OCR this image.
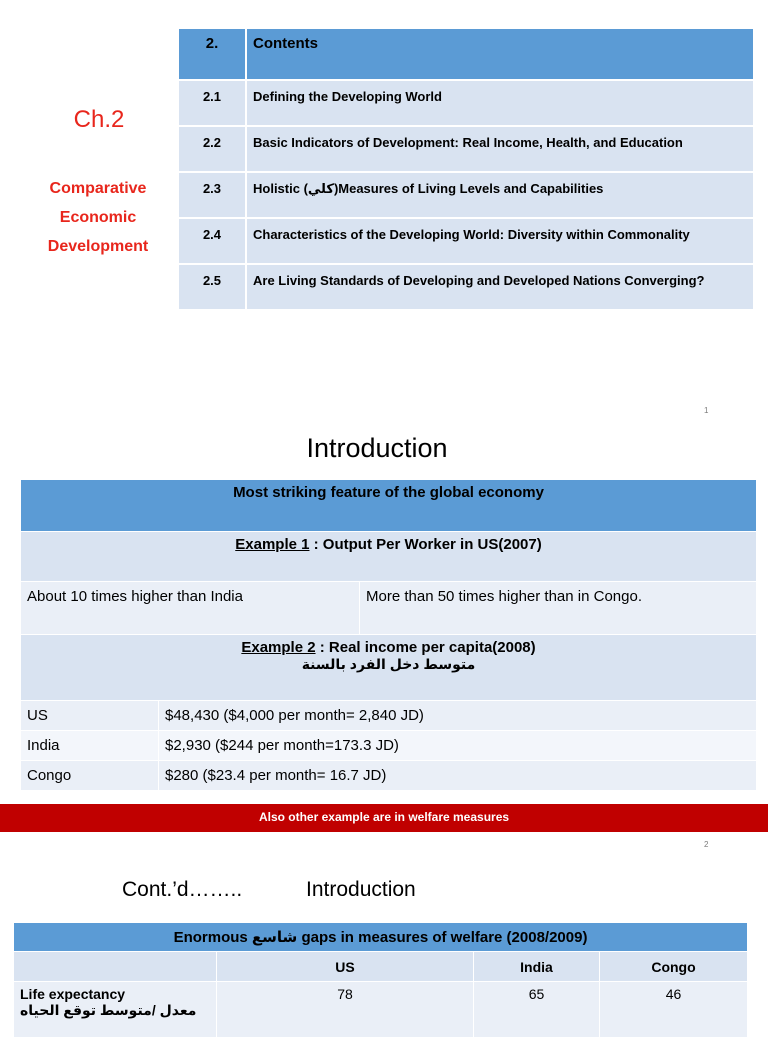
Ch.2
Comparative
Economic
Development
2.	Contents
2.1	Defining the Developing World
2.2	Basic Indicators of Development: Real Income, Health, and Education
2.3	Holistic (كلي)Measures of Living Levels and Capabilities
2.4	Characteristics of the Developing World: Diversity within Commonality
2.5	Are Living Standards of Developing and Developed Nations Converging?
1
Introduction
Most striking feature of the global economy		
Example 1 : Output Per Worker in US(2007)		
About 10 times higher than India		More than 50 times higher than in Congo.
Example 2 : Real income per capita(2008)
متوسط دخل الفرد بالسنة		

US	$48,430 ($4,000 per month= 2,840 JD)	
India	$2,930 ($244 per month=173.3 JD)	
Congo	$280 ($23.4 per month= 16.7 JD)	
Also other example are in welfare measures
2
Cont.’d……..	Introduction
Enormous شاسع gaps in measures of welfare (2008/2009)			
	US	India	Congo

Life expectancy
معدل /متوسط توقع الحياه	78	65	46
